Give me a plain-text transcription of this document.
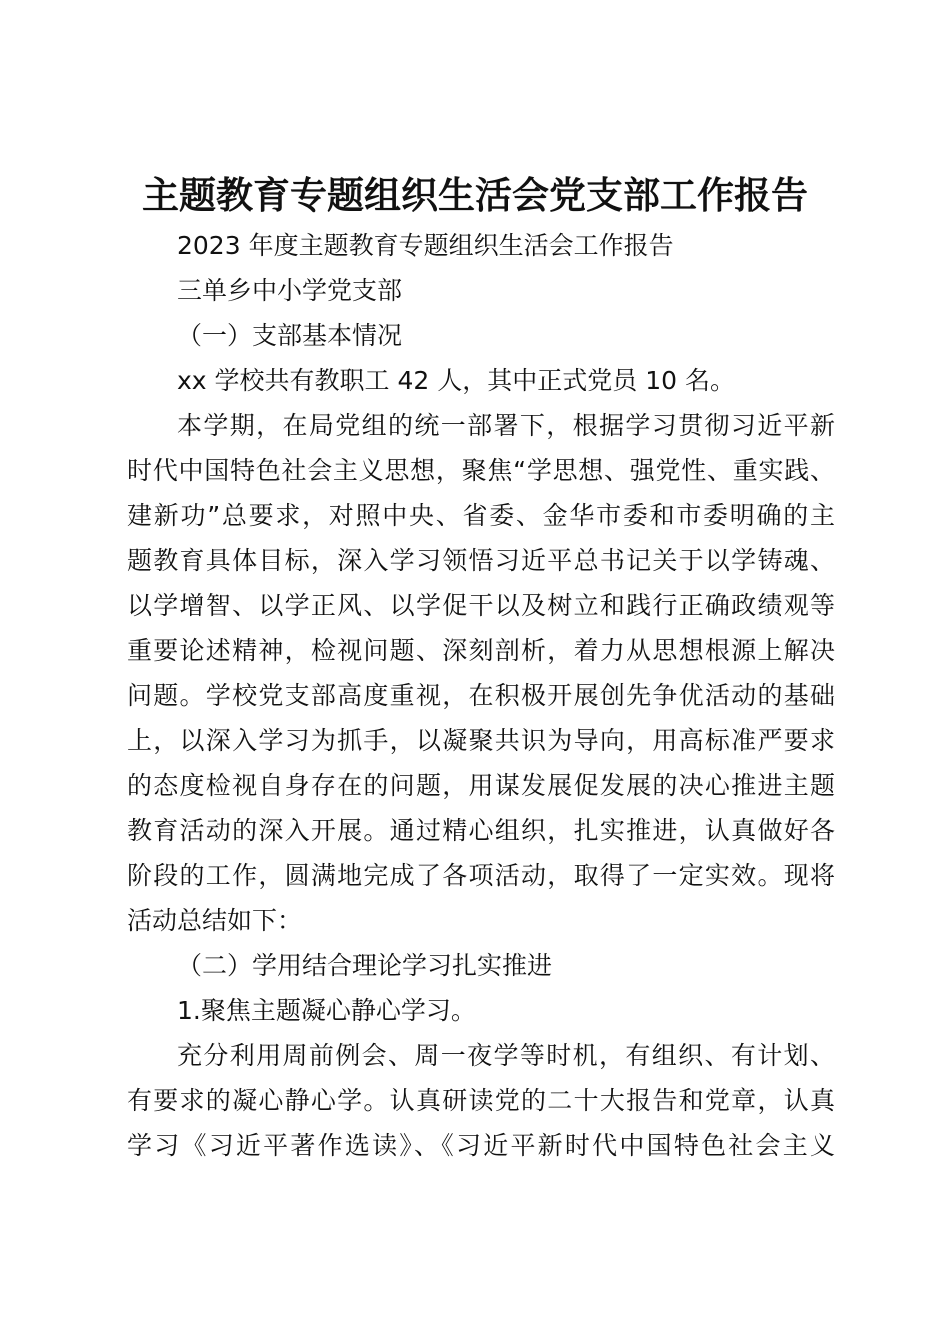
主题教育专题组织生活会党支部工作报告

2023 年度主题教育专题组织生活会工作报告

三单乡中小学党支部

（一）支部基本情况

xx 学校共有教职工 42 人，其中正式党员 10 名。

本学期，在局党组的统一部署下，根据学习贯彻习近平新
时代中国特色社会主义思想，聚焦“学思想、强党性、重实践、
建新功”总要求，对照中央、省委、金华市委和市委明确的主
题教育具体目标，深入学习领悟习近平总书记关于以学铸魂、
以学增智、以学正风、以学促干以及树立和践行正确政绩观等
重要论述精神，检视问题、深刻剖析，着力从思想根源上解决
问题。学校党支部高度重视，在积极开展创先争优活动的基础
上，以深入学习为抓手，以凝聚共识为导向，用高标准严要求
的态度检视自身存在的问题，用谋发展促发展的决心推进主题
教育活动的深入开展。通过精心组织，扎实推进，认真做好各
阶段的工作，圆满地完成了各项活动，取得了一定实效。现将
活动总结如下：

（二）学用结合理论学习扎实推进

1.聚焦主题凝心静心学习。

充分利用周前例会、周一夜学等时机，有组织、有计划、
有要求的凝心静心学。认真研读党的二十大报告和党章，认真
学习《习近平著作选读》、《习近平新时代中国特色社会主义
